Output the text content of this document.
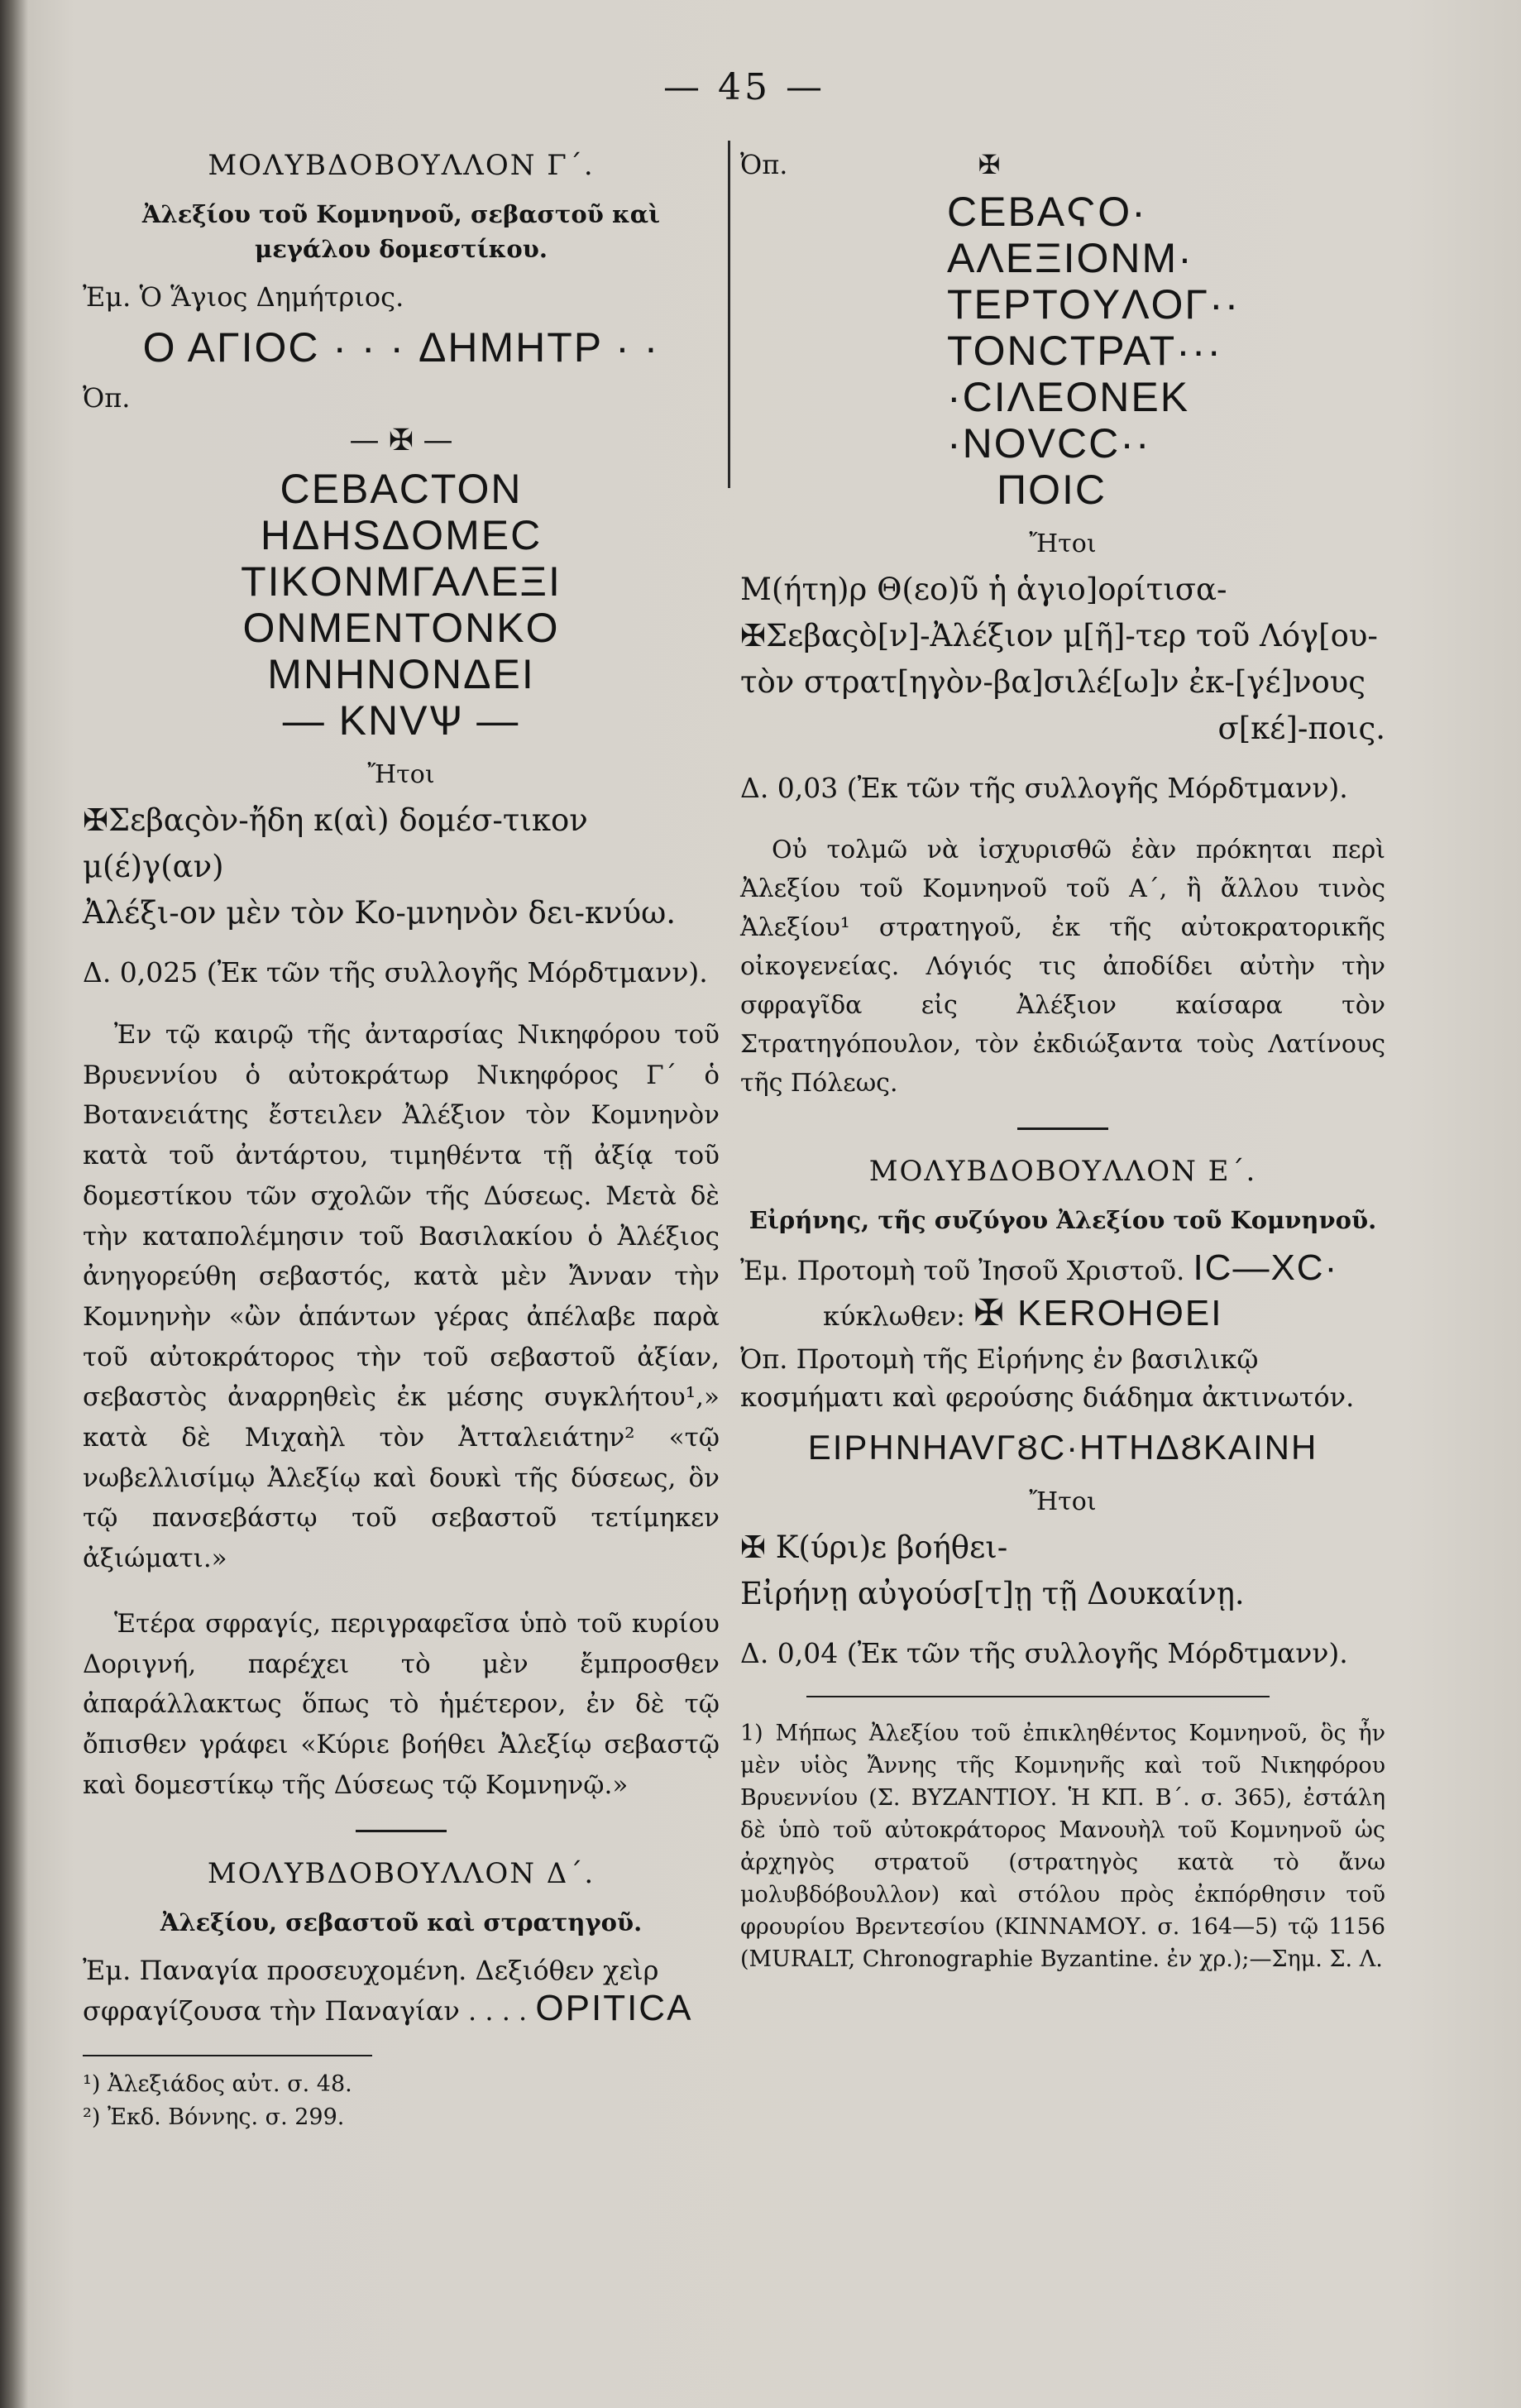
— 45 —
ΜΟΛΥΒΔΟΒΟΥΛΛΟΝ Γ΄.
Ἀλεξίου τοῦ Κομνηνοῦ, σεβαστοῦ καὶ μεγάλου δομεστίκου.
Ἐμ. Ὁ Ἅγιος Δημήτριος.
Ο ΑΓΙΟC · · · ΔΗΜΗΤΡ · ·
Ὀπ.
— ✠ —
CEBACTON
HΔHSΔOMEC
TIKONMΓΑΛΕΞΙ
ONMENTONKO
MNHNONΔEI
— KNVѰ —
Ἤτοι
✠Σεβαςὸν-ἤδη κ(αὶ) δομέσ-τικον μ(έ)γ(αν)
Ἀλέξι-ον μὲν τὸν Κο-μνηνὸν δει-κνύω.
Δ. 0,025 (Ἐκ τῶν τῆς συλλογῆς Μόρδτμανν).
Ἐν τῷ καιρῷ τῆς ἀνταρσίας Νικηφόρου τοῦ Βρυεννίου ὁ αὐτοκράτωρ Νικηφόρος Γ΄ ὁ Βοτανειάτης ἔστειλεν Ἀλέξιον τὸν Κομνηνὸν κατὰ τοῦ ἀντάρτου, τιμηθέντα τῇ ἀξίᾳ τοῦ δομεστίκου τῶν σχολῶν τῆς Δύσεως. Μετὰ δὲ τὴν καταπολέμησιν τοῦ Βασιλακίου ὁ Ἀλέξιος ἀνηγορεύθη σεβαστός, κατὰ μὲν Ἄνναν τὴν Κομνηνὴν «ὢν ἁπάντων γέρας ἀπέλαβε παρὰ τοῦ αὐτοκράτορος τὴν τοῦ σεβαστοῦ ἀξίαν, σεβαστὸς ἀναρρηθεὶς ἐκ μέσης συγκλήτου¹,» κατὰ δὲ Μιχαὴλ τὸν Ἀτταλειάτην² «τῷ νωβελλισίμῳ Ἀλεξίῳ καὶ δουκὶ τῆς δύσεως, ὃν τῷ πανσεβάστῳ τοῦ σεβαστοῦ τετίμηκεν ἀξιώματι.»
Ἑτέρα σφραγίς, περιγραφεῖσα ὑπὸ τοῦ κυρίου Δοριγνή, παρέχει τὸ μὲν ἔμπροσθεν ἀπαράλλακτως ὅπως τὸ ἡμέτερον, ἐν δὲ τῷ ὄπισθεν γράφει «Κύριε βοήθει Ἀλεξίῳ σεβαστῷ καὶ δομεστίκῳ τῆς Δύσεως τῷ Κομνηνῷ.»
ΜΟΛΥΒΔΟΒΟΥΛΛΟΝ Δ΄.
Ἀλεξίου, σεβαστοῦ καὶ στρατηγοῦ.
Ἐμ. Παναγία προσευχομένη. Δεξιόθεν χεὶρ σφραγίζουσα τὴν Παναγίαν . . . . OPITICA
¹) Ἀλεξιάδος αὐτ. σ. 48.
²) Ἐκδ. Βόννης. σ. 299.
Ὀπ.	✠
CEBAϚO·
ΑΛΕΞΙΟΝΜ·
TEPTOYΛOΓ··
TONCTPAT···
·CIΛEONEK
·NOVCC··
ΠOIC
Ἤτοι
Μ(ήτη)ρ Θ(εο)ῦ ἡ ἁγιο]ορίτισα-
✠Σεβαςὸ[ν]-Ἀλέξιον μ[ῆ]-τερ τοῦ Λόγ[ου-
τὸν στρατ[ηγὸν-βα]σιλέ[ω]ν ἐκ-[γέ]νους
σ[κέ]-ποις.
Δ. 0,03 (Ἐκ τῶν τῆς συλλογῆς Μόρδτμανν).
Οὐ τολμῶ νὰ ἰσχυρισθῶ ἐὰν πρόκηται περὶ Ἀλεξίου τοῦ Κομνηνοῦ τοῦ Α΄, ἢ ἄλλου τινὸς Ἀλεξίου¹ στρατηγοῦ, ἐκ τῆς αὐτοκρατορικῆς οἰκογενείας. Λόγιός τις ἀποδίδει αὐτὴν τὴν σφραγῖδα εἰς Ἀλέξιον καίσαρα τὸν Στρατηγόπουλον, τὸν ἐκδιώξαντα τοὺς Λατίνους τῆς Πόλεως.
ΜΟΛΥΒΔΟΒΟΥΛΛΟΝ Ε΄.
Εἰρήνης, τῆς συζύγου Ἀλεξίου τοῦ Κομνηνοῦ.
Ἐμ. Προτομὴ τοῦ Ἰησοῦ Χριστοῦ. IC—XC·
κύκλωθεν: ✠ KEROHΘEI
Ὀπ. Προτομὴ τῆς Εἰρήνης ἐν βασιλικῷ κοσμήματι καὶ φερούσης διάδημα ἀκτινωτόν.
EIPHNHAVΓȢC·HTHΔȢKAINH
Ἤτοι
✠ Κ(ύρι)ε βοήθει-
Εἰρήνῃ αὐγούσ[τ]ῃ τῇ Δουκαίνῃ.
Δ. 0,04 (Ἐκ τῶν τῆς συλλογῆς Μόρδτμανν).
1) Μήπως Ἀλεξίου τοῦ ἐπικληθέντος Κομνηνοῦ, ὃς ἦν μὲν υἱὸς Ἄννης τῆς Κομνηνῆς καὶ τοῦ Νικηφόρου Βρυεννίου (Σ. ΒΥΖΑΝΤΙΟΥ. Ἡ ΚΠ. Β΄. σ. 365), ἐστάλη δὲ ὑπὸ τοῦ αὐτοκράτορος Μανουὴλ τοῦ Κομνηνοῦ ὡς ἀρχηγὸς στρατοῦ (στρατηγὸς κατὰ τὸ ἄνω μολυβδόβουλλον) καὶ στόλου πρὸς ἐκπόρθησιν τοῦ φρουρίου Βρεντεσίου (ΚΙΝΝΑΜΟΥ. σ. 164—5) τῷ 1156 (MURALT, Chronographie Byzantine. ἐν χρ.);—Σημ. Σ. Λ.
